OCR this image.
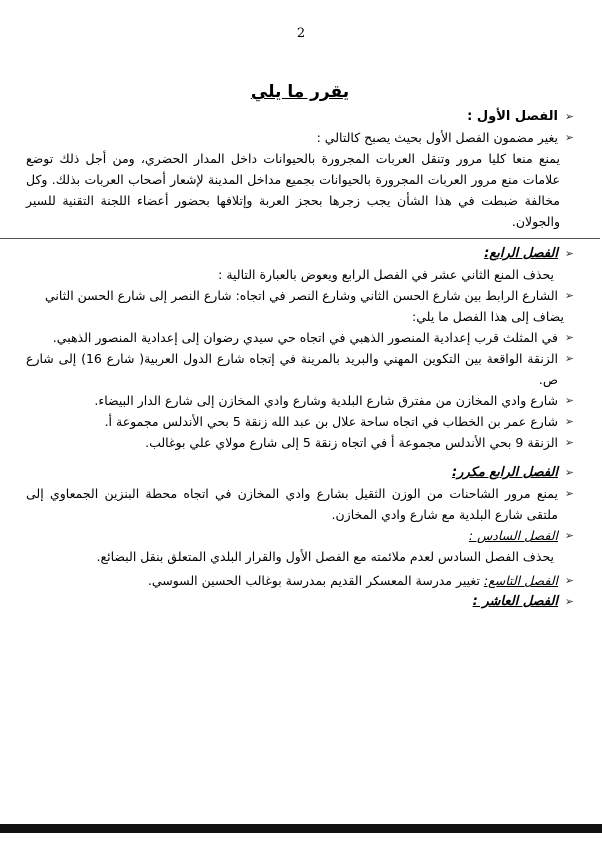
2
يقرر ما يلي
➢ الفصل الأول :
➢ يغير مضمون الفصل الأول بحيث يصبح كالتالي :
يمنع منعا كليا مرور وتنقل العربات المجرورة بالحيوانات داخل المدار الحضري، ومن أجل ذلك توضع علامات منع مرور العربات المجرورة بالحيوانات بجميع مداخل المدينة لإشعار أصحاب العربات بذلك. وكل مخالفة ضبطت في هذا الشأن يجب زجرها بحجز العربة وإتلافها بحضور أعضاء اللجنة التقنية للسير والجولان.
➢ الفصل الرابع:
يحذف المنع الثاني عشر في الفصل الرابع ويعوض بالعبارة التالية :
➢ الشارع الرابط بين شارع الحسن الثاني وشارع النصر في اتجاه: شارع النصر إلى شارع الحسن الثاني
يضاف إلى هذا الفصل ما يلي:
➢ في المثلث قرب إعدادية المنصور الذهبي في اتجاه حي سيدي رضوان إلى إعدادية المنصور الذهبي.
➢ الزنقة الواقعة بين التكوين المهني والبريد بالمرينة في إتجاه شارع الدول العربية( شارع 16) إلى شارع ص.
➢ شارع وادي المخازن من مفترق شارع البلدية وشارع وادي المخازن إلى شارع الدار البيضاء.
➢ شارع عمر بن الخطاب في اتجاه ساحة علال بن عبد الله زنقة 5 بحي الأندلس مجموعة أ.
➢ الزنقة 9 بحي الأندلس مجموعة أ في اتجاه زنقة 5 إلى شارع مولاي علي بوغالب.
➢ الفصل الرابع مكرر:
➢ يمنع مرور الشاحنات من الوزن الثقيل بشارع وادي المخازن في اتجاه محطة البنزين الجمعاوي إلى ملتقى شارع البلدية مع شارع وادي المخازن.
➢ الفصل السادس :
يحذف الفصل السادس لعدم ملائمته مع الفصل الأول والقرار البلدي المتعلق بنقل البضائع.
➢ الفصل التاسع: تغيير مدرسة المعسكر القديم بمدرسة بوغالب الحسين السوسي.
➢ الفصل العاشر :
